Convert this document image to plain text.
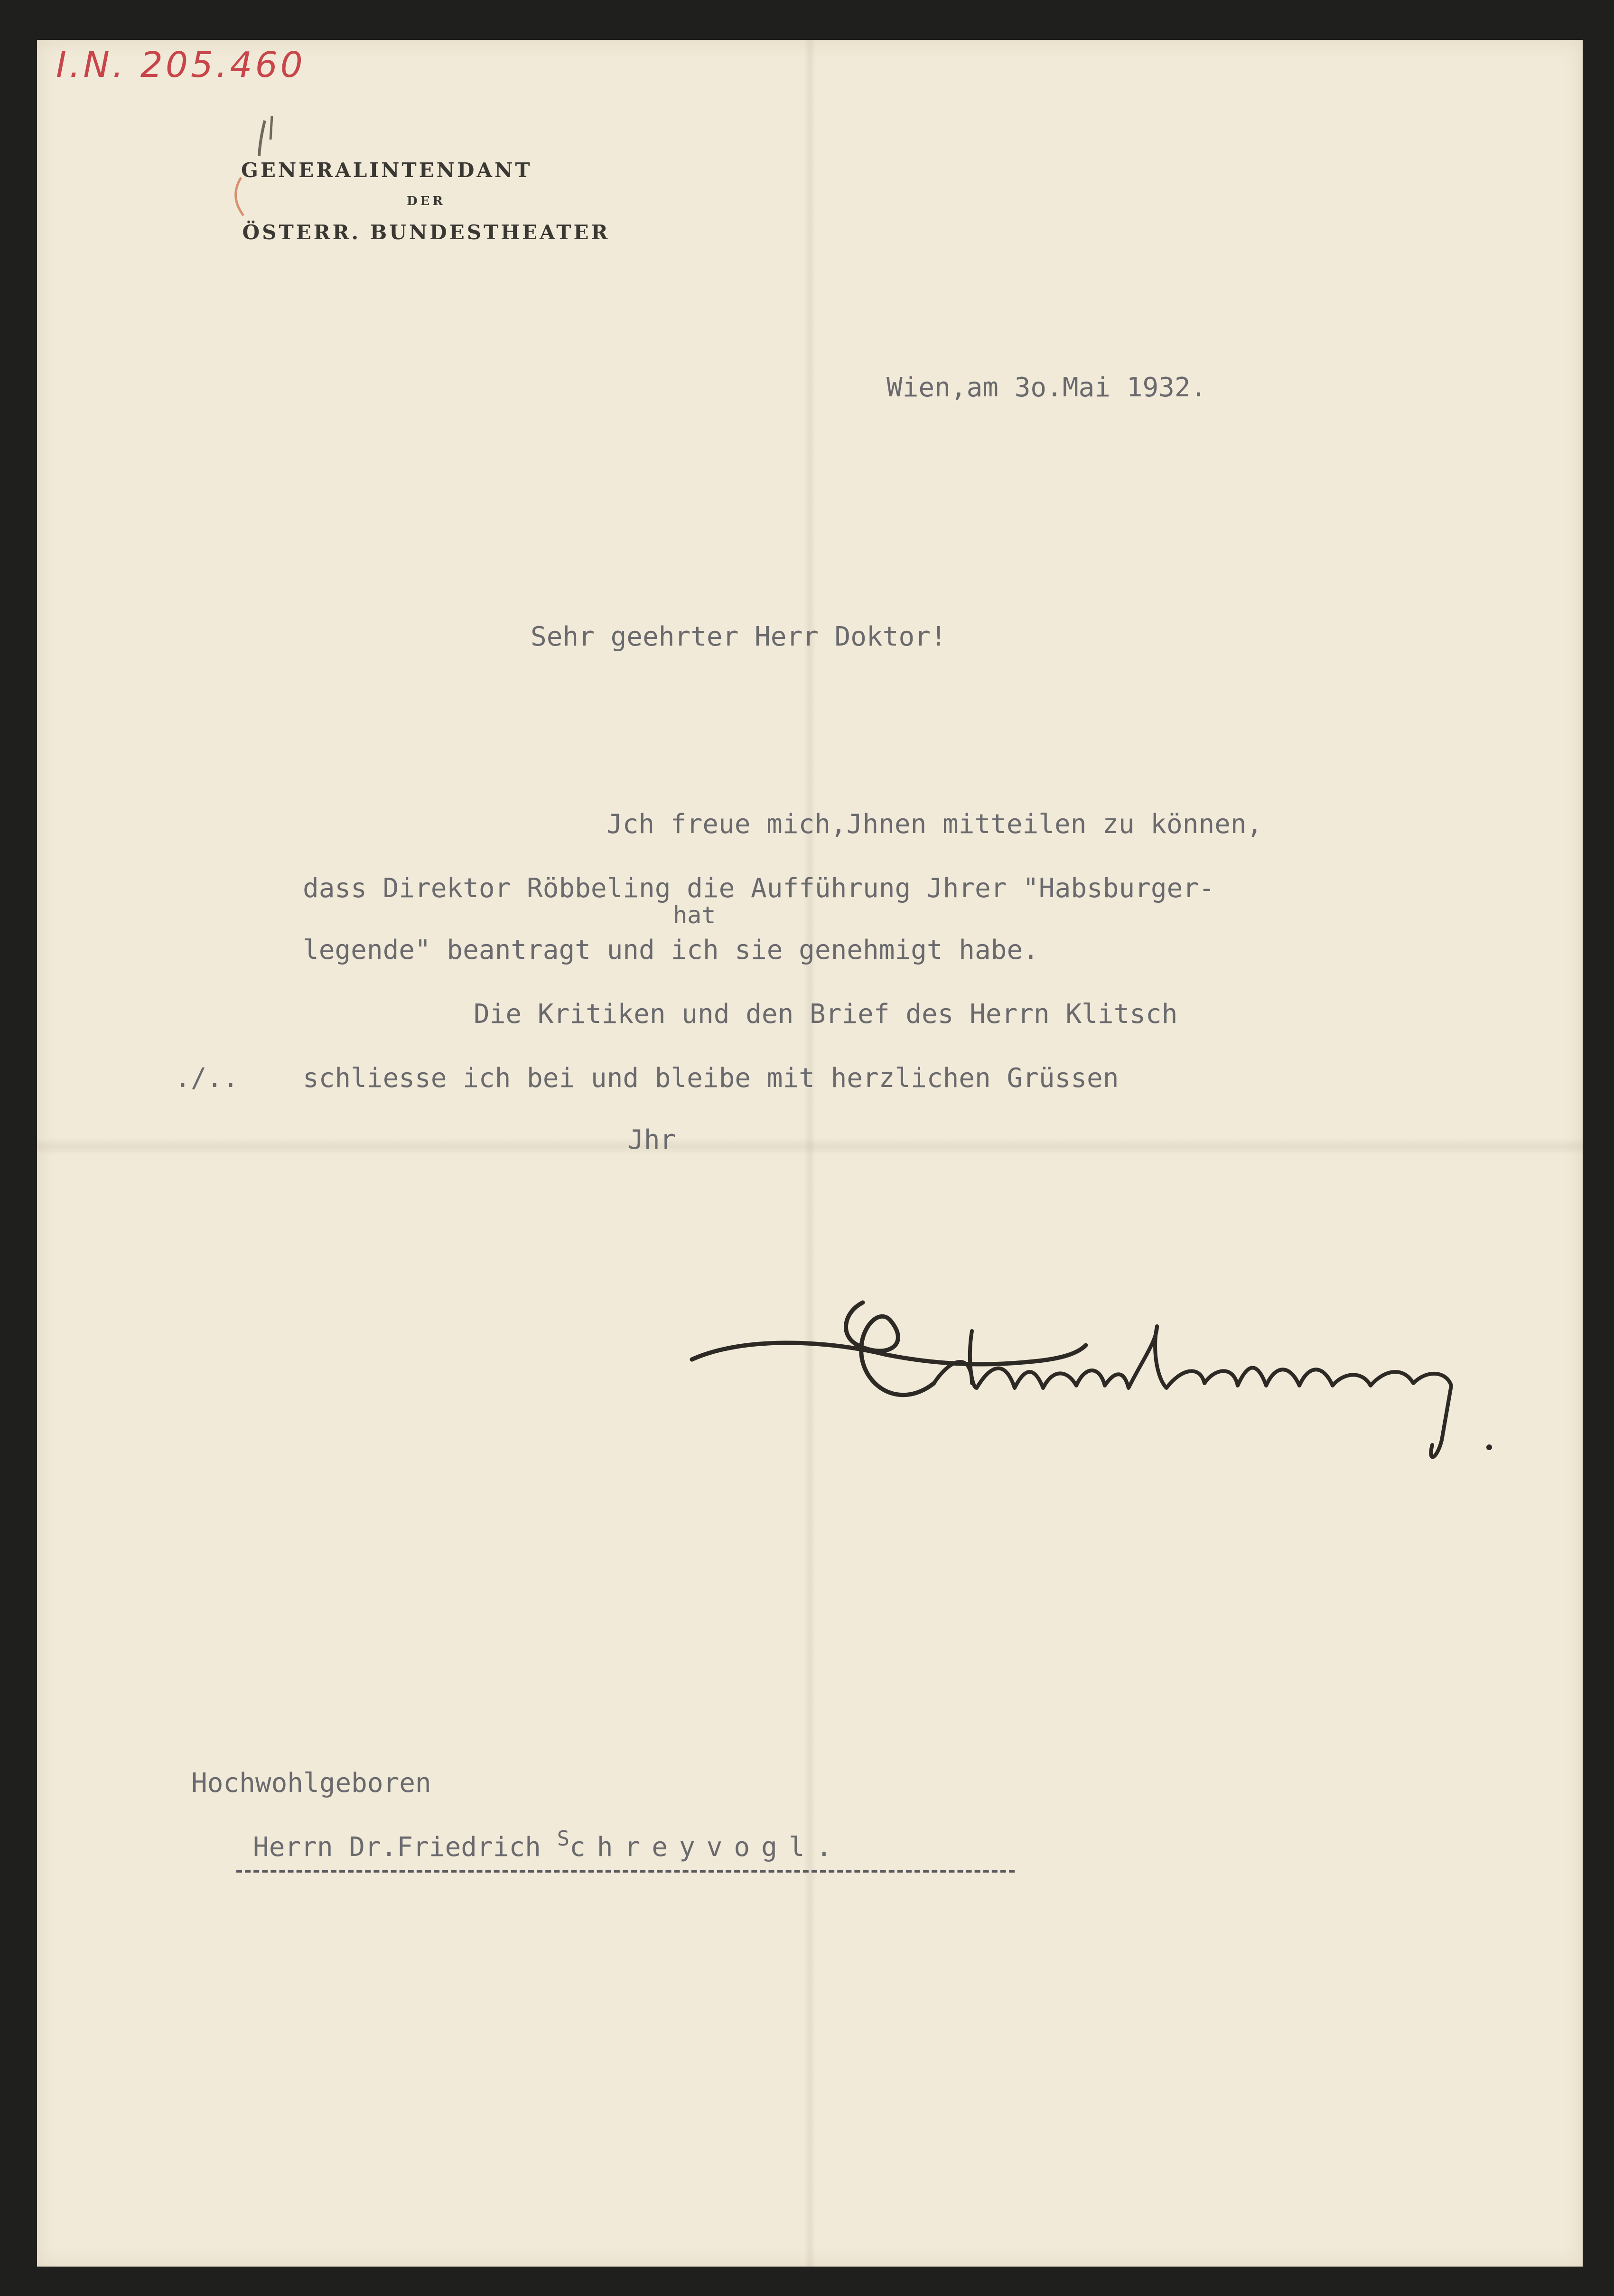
I.N. 205.460

GENERALINTENDANT
DER
ÖSTERR. BUNDESTHEATER

Wien,am 3o.Mai 1932.

Sehr geehrter Herr Doktor!

Jch freue mich,Jhnen mitteilen zu können,

dass Direktor Röbbeling die Aufführung Jhrer "Habsburger-

hat

legende" beantragt und ich sie genehmigt habe.

Die Kritiken und den Brief des Herrn Klitsch

./.. schliesse ich bei und bleibe mit herzlichen Grüssen

Jhr

Hochwohlgeboren

Herrn Dr.Friedrich $^S$chreyvogl.
